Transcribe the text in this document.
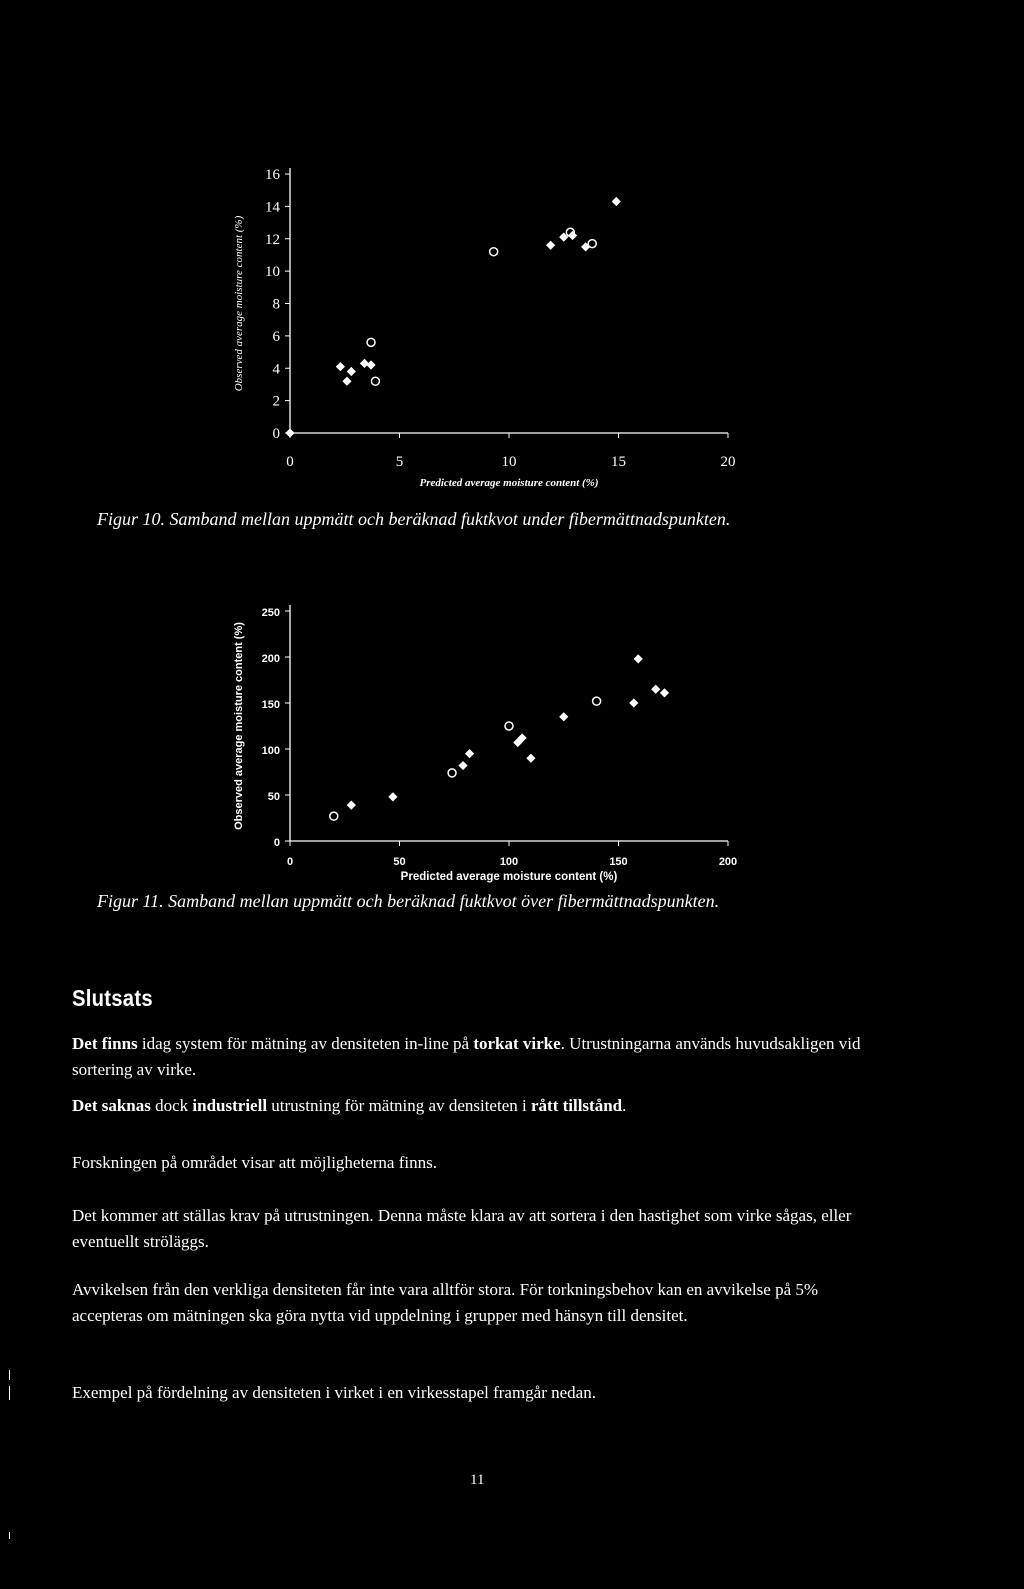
0
2
4
6
8
10
12
14
16
0	5	10	15	20
Predicted average moisture content (%)
Observed average moisture content (%)
Figur 10. Samband mellan uppmätt och beräknad fuktkvot under fibermättnadspunkten.
0
50
100
150
200
250
0	50	100	150	200
Predicted average moisture content (%)
Observed average moisture content (%)
Figur 11. Samband mellan uppmätt och beräknad fuktkvot över fibermättnadspunkten.
Slutsats
Det finns idag system för mätning av densiteten in-line på torkat virke. Utrustningarna används huvudsakligen vid sortering av virke.
Det saknas dock industriell utrustning för mätning av densiteten i rått tillstånd.
Forskningen på området visar att möjligheterna finns.
Det kommer att ställas krav på utrustningen. Denna måste klara av att sortera i den hastighet som virke sågas, eller eventuellt ströläggs.
Avvikelsen från den verkliga densiteten får inte vara alltför stora. För torkningsbehov kan en avvikelse på 5% accepteras om mätningen ska göra nytta vid uppdelning i grupper med hänsyn till densitet.
Exempel på fördelning av densiteten i virket i en virkesstapel framgår nedan.
11
